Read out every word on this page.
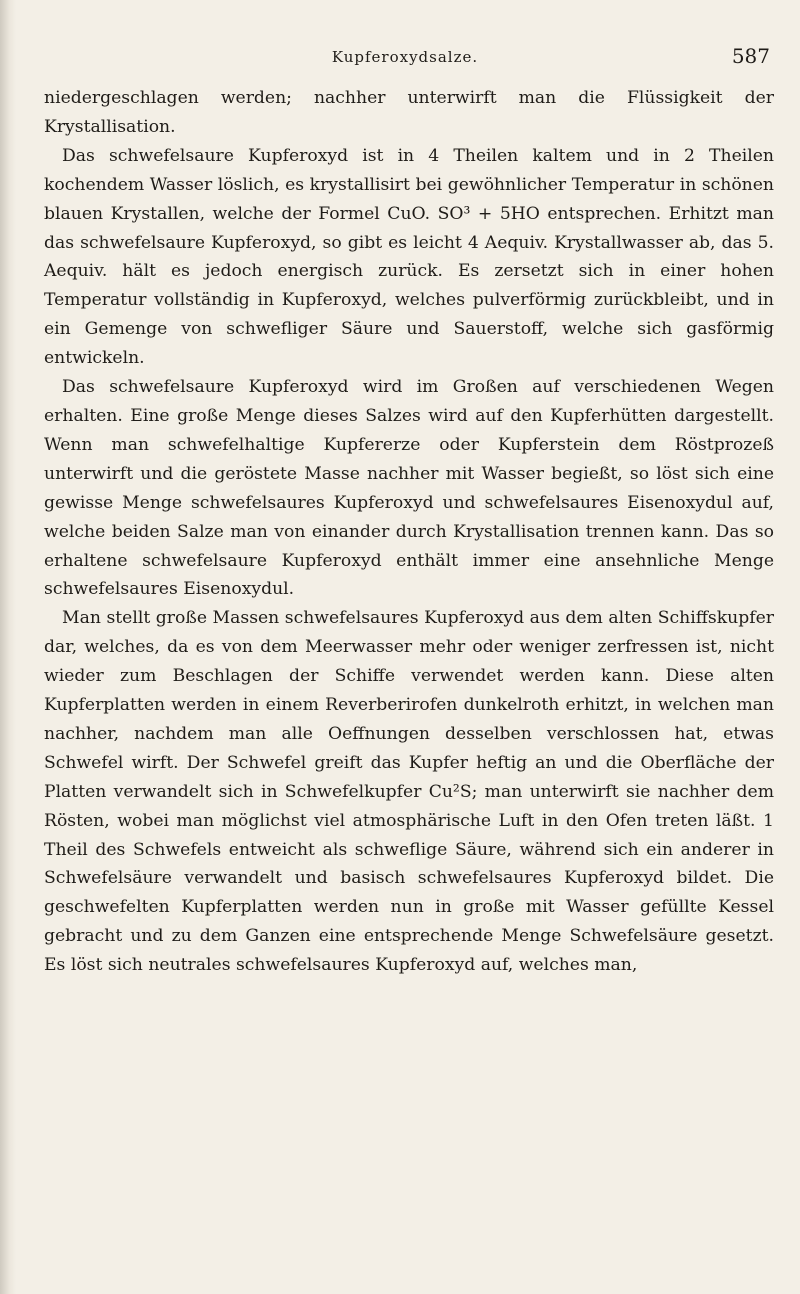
Kupferoxydsalze.	587

niedergeschlagen werden; nachher unterwirft man die Flüssigkeit der Krystallisation.

Das schwefelsaure Kupferoxyd ist in 4 Theilen kaltem und in 2 Theilen kochendem Wasser löslich, es krystallisirt bei gewöhnlicher Temperatur in schönen blauen Krystallen, welche der Formel CuO. SO³ + 5HO entsprechen. Erhitzt man das schwefelsaure Kupferoxyd, so gibt es leicht 4 Aequiv. Krystallwasser ab, das 5. Aequiv. hält es jedoch energisch zurück. Es zersetzt sich in einer hohen Temperatur vollständig in Kupferoxyd, welches pulverförmig zurückbleibt, und in ein Gemenge von schwefliger Säure und Sauerstoff, welche sich gasförmig entwickeln.

Das schwefelsaure Kupferoxyd wird im Großen auf verschiedenen Wegen erhalten. Eine große Menge dieses Salzes wird auf den Kupferhütten dargestellt. Wenn man schwefelhaltige Kupfererze oder Kupferstein dem Röstprozeß unterwirft und die geröstete Masse nachher mit Wasser begießt, so löst sich eine gewisse Menge schwefelsaures Kupferoxyd und schwefelsaures Eisenoxydul auf, welche beiden Salze man von einander durch Krystallisation trennen kann. Das so erhaltene schwefelsaure Kupferoxyd enthält immer eine ansehnliche Menge schwefelsaures Eisenoxydul.

Man stellt große Massen schwefelsaures Kupferoxyd aus dem alten Schiffskupfer dar, welches, da es von dem Meerwasser mehr oder weniger zerfressen ist, nicht wieder zum Beschlagen der Schiffe verwendet werden kann. Diese alten Kupferplatten werden in einem Reverberirofen dunkelroth erhitzt, in welchen man nachher, nachdem man alle Oeffnungen desselben verschlossen hat, etwas Schwefel wirft. Der Schwefel greift das Kupfer heftig an und die Oberfläche der Platten verwandelt sich in Schwefelkupfer Cu²S; man unterwirft sie nachher dem Rösten, wobei man möglichst viel atmosphärische Luft in den Ofen treten läßt. 1 Theil des Schwefels entweicht als schweflige Säure, während sich ein anderer in Schwefelsäure verwandelt und basisch schwefelsaures Kupferoxyd bildet. Die geschwefelten Kupferplatten werden nun in große mit Wasser gefüllte Kessel gebracht und zu dem Ganzen eine entsprechende Menge Schwefelsäure gesetzt. Es löst sich neutrales schwefelsaures Kupferoxyd auf, welches man,
